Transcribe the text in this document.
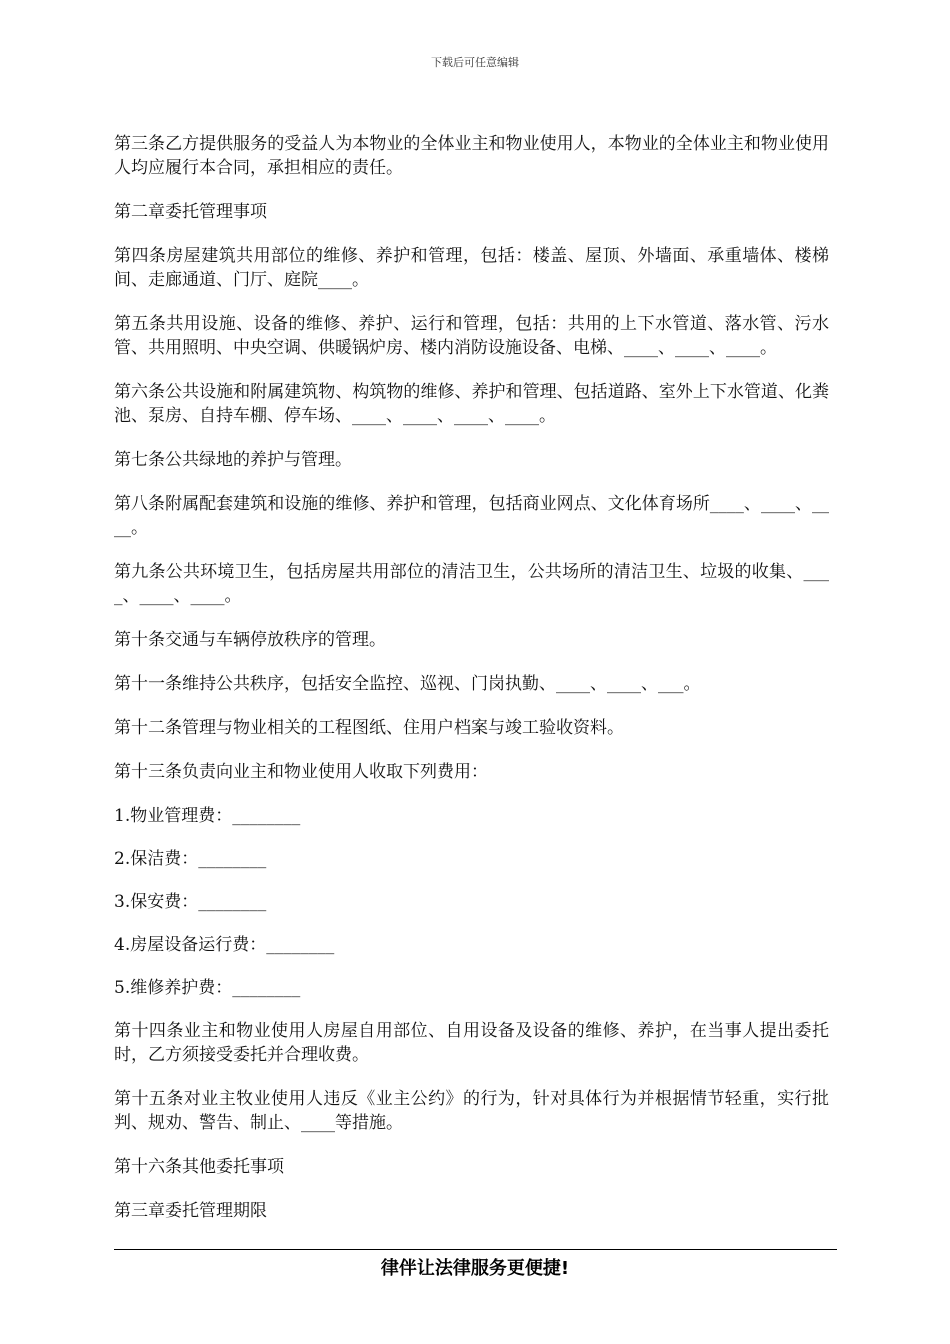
下载后可任意编辑

第三条乙方提供服务的受益人为本物业的全体业主和物业使用人，本物业的全体业主和物业使用人均应履行本合同，承担相应的责任。

第二章委托管理事项

第四条房屋建筑共用部位的维修、养护和管理，包括：楼盖、屋顶、外墙面、承重墙体、楼梯间、走廊通道、门厅、庭院____。

第五条共用设施、设备的维修、养护、运行和管理，包括：共用的上下水管道、落水管、污水管、共用照明、中央空调、供暖锅炉房、楼内消防设施设备、电梯、____、____、____。

第六条公共设施和附属建筑物、构筑物的维修、养护和管理、包括道路、室外上下水管道、化粪池、泵房、自持车棚、停车场、____、____、____、____。

第七条公共绿地的养护与管理。

第八条附属配套建筑和设施的维修、养护和管理，包括商业网点、文化体育场所____、____、____。

第九条公共环境卫生，包括房屋共用部位的清洁卫生，公共场所的清洁卫生、垃圾的收集、____、____、____。

第十条交通与车辆停放秩序的管理。

第十一条维持公共秩序，包括安全监控、巡视、门岗执勤、____、____、___。

第十二条管理与物业相关的工程图纸、住用户档案与竣工验收资料。

第十三条负责向业主和物业使用人收取下列费用：

1.物业管理费：________

2.保洁费：________

3.保安费：________

4.房屋设备运行费：________

5.维修养护费：________

第十四条业主和物业使用人房屋自用部位、自用设备及设备的维修、养护，在当事人提出委托时，乙方须接受委托并合理收费。

第十五条对业主牧业使用人违反《业主公约》的行为，针对具体行为并根据情节轻重，实行批判、规劝、警告、制止、____等措施。

第十六条其他委托事项

第三章委托管理期限

律伴让法律服务更便捷!
